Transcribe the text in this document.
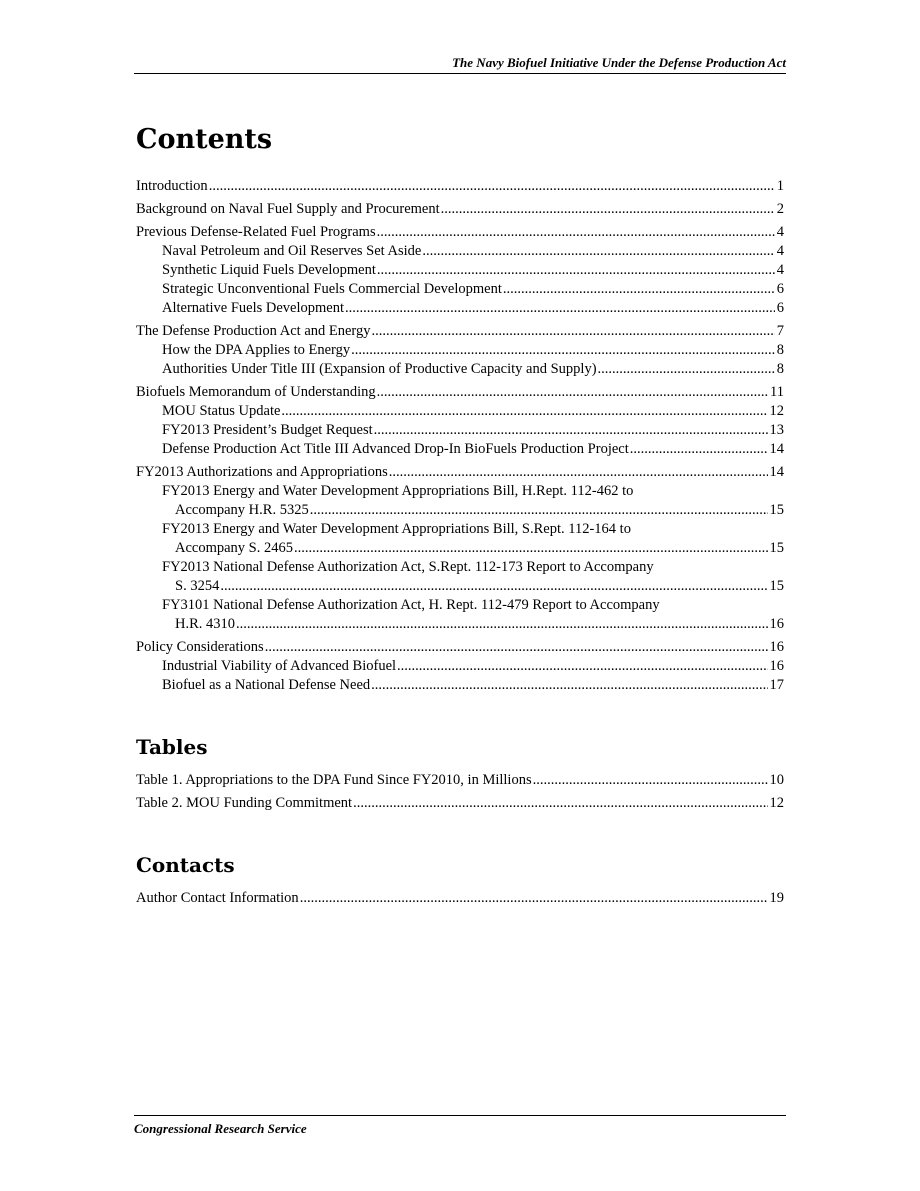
The Navy Biofuel Initiative Under the Defense Production Act
Contents
Introduction .....	1
Background on Naval Fuel Supply and Procurement .....	2
Previous Defense-Related Fuel Programs .....	4
Naval Petroleum and Oil Reserves Set Aside .....	4
Synthetic Liquid Fuels Development .....	4
Strategic Unconventional Fuels Commercial Development .....	6
Alternative Fuels Development .....	6
The Defense Production Act and Energy .....	7
How the DPA Applies to Energy .....	8
Authorities Under Title III (Expansion of Productive Capacity and Supply) .....	8
Biofuels Memorandum of Understanding .....	11
MOU Status Update .....	12
FY2013 President’s Budget Request .....	13
Defense Production Act Title III Advanced Drop-In BioFuels Production Project .....	14
FY2013 Authorizations and Appropriations .....	14
FY2013 Energy and Water Development Appropriations Bill, H.Rept. 112-462 to
Accompany H.R. 5325 .....	15
FY2013 Energy and Water Development Appropriations Bill, S.Rept. 112-164 to
Accompany S. 2465 .....	15
FY2013 National Defense Authorization Act, S.Rept. 112-173 Report to Accompany
S. 3254 .....	15
FY3101 National Defense Authorization Act, H. Rept. 112-479 Report to Accompany
H.R. 4310 .....	16
Policy Considerations .....	16
Industrial Viability of Advanced Biofuel .....	16
Biofuel as a National Defense Need .....	17
Tables
Table 1. Appropriations to the DPA Fund Since FY2010, in Millions .....	10
Table 2. MOU Funding Commitment .....	12
Contacts
Author Contact Information .....	19
Congressional Research Service
